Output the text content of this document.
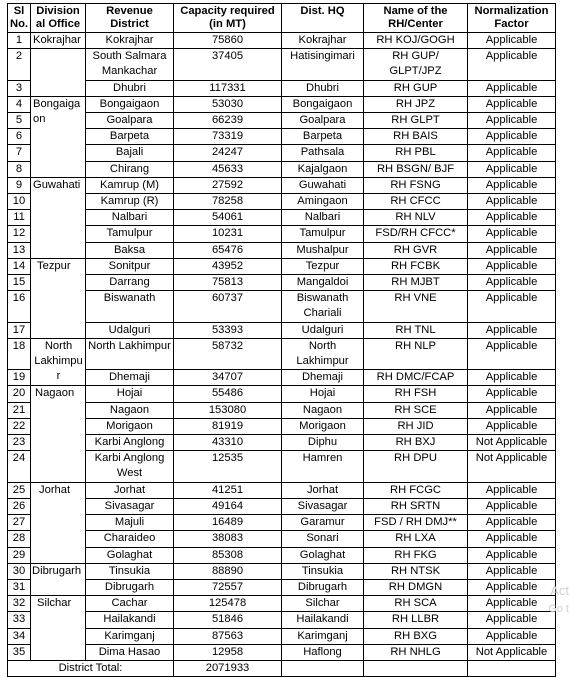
Sl No.	Division al Office	Revenue District	Capacity required (in MT)	Dist. HQ	Name of the RH/Center	Normalization Factor
1	Kokrajhar	Kokrajhar	75860	Kokrajhar	RH KOJ/GOGH	Applicable
2		South Salmara Mankachar	37405	Hatisingimari	RH GUP/ GLPT/JPZ	Applicable
3		Dhubri	117331	Dhubri	RH GUP	Applicable
4	Bongaiga on	Bongaigaon	53030	Bongaigaon	RH JPZ	Applicable
5		Goalpara	66239	Goalpara	RH GLPT	Applicable
6		Barpeta	73319	Barpeta	RH BAIS	Applicable
7		Bajali	24247	Pathsala	RH PBL	Applicable
8		Chirang	45633	Kajalgaon	RH BSGN/ BJF	Applicable
9	Guwahati	Kamrup (M)	27592	Guwahati	RH FSNG	Applicable
10		Kamrup (R)	78258	Amingaon	RH CFCC	Applicable
11		Nalbari	54061	Nalbari	RH NLV	Applicable
12		Tamulpur	10231	Tamulpur	FSD/RH CFCC*	Applicable
13		Baksa	65476	Mushalpur	RH GVR	Applicable
14	Tezpur	Sonitpur	43952	Tezpur	RH FCBK	Applicable
15		Darrang	75813	Mangaldoi	RH MJBT	Applicable
16		Biswanath	60737	Biswanath Chariali	RH VNE	Applicable
17		Udalguri	53393	Udalguri	RH TNL	Applicable
18	North Lakhimpu r	North Lakhimpur	58732	North Lakhimpur	RH NLP	Applicable
19		Dhemaji	34707	Dhemaji	RH DMC/FCAP	Applicable
20	Nagaon	Hojai	55486	Hojai	RH FSH	Applicable
21		Nagaon	153080	Nagaon	RH SCE	Applicable
22		Morigaon	81919	Morigaon	RH JID	Applicable
23		Karbi Anglong	43310	Diphu	RH BXJ	Not Applicable
24		Karbi Anglong West	12535	Hamren	RH DPU	Not Applicable
25	Jorhat	Jorhat	41251	Jorhat	RH FCGC	Applicable
26		Sivasagar	49164	Sivasagar	RH SRTN	Applicable
27		Majuli	16489	Garamur	FSD / RH DMJ**	Applicable
28		Charaideo	38083	Sonari	RH LXA	Applicable
29		Golaghat	85308	Golaghat	RH FKG	Applicable
30	Dibrugarh	Tinsukia	88890	Tinsukia	RH NTSK	Applicable
31		Dibrugarh	72557	Dibrugarh	RH DMGN	Applicable
32	Silchar	Cachar	125478	Silchar	RH SCA	Applicable
33		Hailakandi	51846	Hailakandi	RH LLBR	Applicable
34		Karimganj	87563	Karimganj	RH BXG	Applicable
35		Dima Hasao	12958	Haflong	RH NHLG	Not Applicable
District Total:			2071933			
Act
Go t
